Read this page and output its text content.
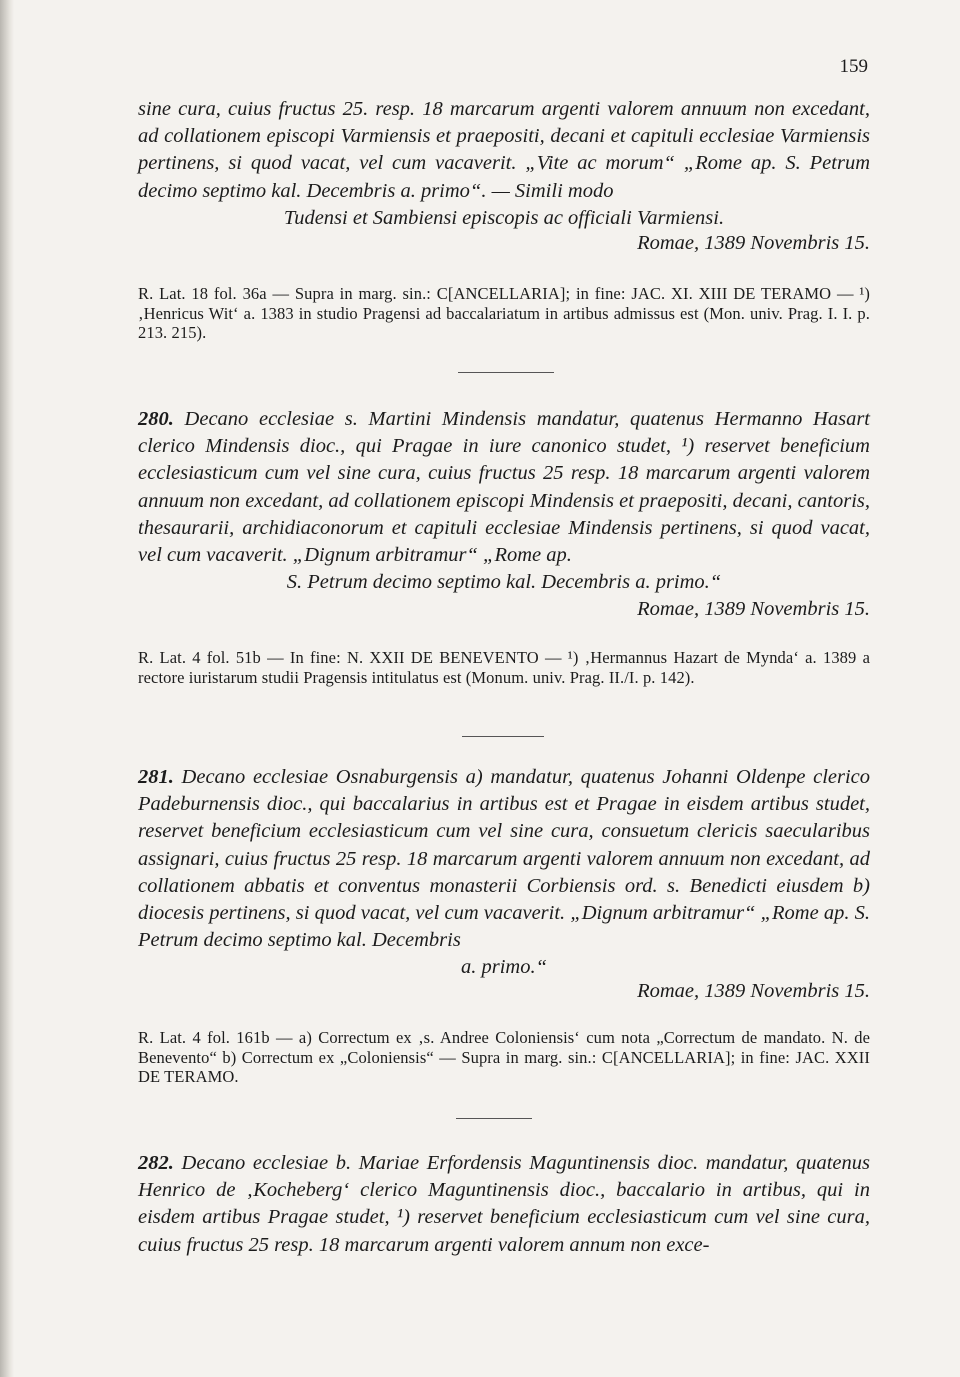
159

sine cura, cuius fructus 25. resp. 18 marcarum argenti valorem annuum non excedant, ad collationem episcopi Varmiensis et praepositi, decani et capituli ecclesiae Varmiensis pertinens, si quod vacat, vel cum vacaverit. „Vite ac morum“ „Rome ap. S. Petrum decimo septimo kal. Decembris a. primo“. — Simili modo
Tudensi et Sambiensi episcopis ac officiali Varmiensi.

Romae, 1389 Novembris 15.

R. Lat. 18 fol. 36a — Supra in marg. sin.: C[ANCELLARIA]; in fine: JAC. XI. XIII DE TERAMO — ¹) ‚Henricus Wit‘ a. 1383 in studio Pragensi ad baccalariatum in artibus admissus est (Mon. univ. Prag. I. I. p. 213. 215).

280. Decano ecclesiae s. Martini Mindensis mandatur, quatenus Hermanno Hasart clerico Mindensis dioc., qui Pragae in iure canonico studet, ¹) reservet beneficium ecclesiasticum cum vel sine cura, cuius fructus 25 resp. 18 marcarum argenti valorem annuum non excedant, ad collationem episcopi Mindensis et praepositi, decani, cantoris, thesaurarii, archidiaconorum et capituli ecclesiae Mindensis pertinens, si quod vacat, vel cum vacaverit. „Dignum arbitramur“ „Rome ap.
S. Petrum decimo septimo kal. Decembris a. primo.“

Romae, 1389 Novembris 15.

R. Lat. 4 fol. 51b — In fine: N. XXII DE BENEVENTO — ¹) ‚Hermannus Hazart de Mynda‘ a. 1389 a rectore iuristarum studii Pragensis intitulatus est (Monum. univ. Prag. II./I. p. 142).

281. Decano ecclesiae Osnaburgensis a) mandatur, quatenus Johanni Oldenpe clerico Padeburnensis dioc., qui baccalarius in artibus est et Pragae in eisdem artibus studet, reservet beneficium ecclesiasticum cum vel sine cura, consuetum clericis saecularibus assignari, cuius fructus 25 resp. 18 marcarum argenti valorem annuum non excedant, ad collationem abbatis et conventus monasterii Corbiensis ord. s. Benedicti eiusdem b) diocesis pertinens, si quod vacat, vel cum vacaverit. „Dignum arbitramur“ „Rome ap. S. Petrum decimo septimo kal. Decembris
a. primo.“

Romae, 1389 Novembris 15.

R. Lat. 4 fol. 161b — a) Correctum ex ‚s. Andree Coloniensis‘ cum nota „Correctum de mandato. N. de Benevento“ b) Correctum ex „Coloniensis“ — Supra in marg. sin.: C[ANCELLARIA]; in fine: JAC. XXII DE TERAMO.

282. Decano ecclesiae b. Mariae Erfordensis Maguntinensis dioc. mandatur, quatenus Henrico de ‚Kocheberg‘ clerico Maguntinensis dioc., baccalario in artibus, qui in eisdem artibus Pragae studet, ¹) reservet beneficium ecclesiasticum cum vel sine cura, cuius fructus 25 resp. 18 marcarum argenti valorem annum non exce-
